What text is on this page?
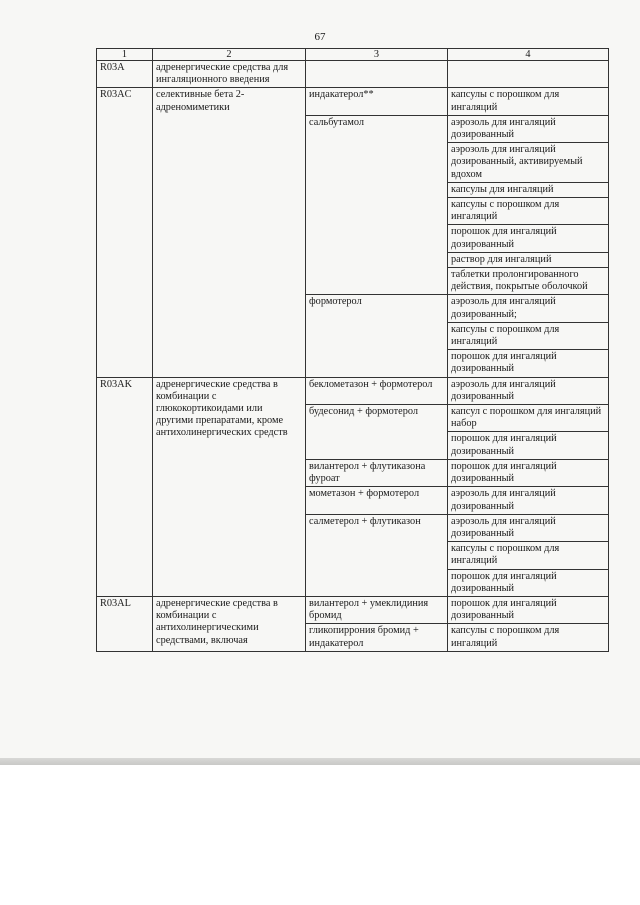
67
1	2	3	4
R03A	адренергические средства для ингаляционного введения		
R03AC	селективные бета 2-адреномиметики	индакатерол**	капсулы с порошком для ингаляций
		сальбутамол	аэрозоль для ингаляций дозированный
			аэрозоль для ингаляций дозированный, активируемый вдохом
			капсулы для ингаляций
			капсулы с порошком для ингаляций
			порошок для ингаляций дозированный
			раствор для ингаляций
			таблетки пролонгированного действия, покрытые оболочкой
		формотерол	аэрозоль для ингаляций дозированный;
			капсулы с порошком для ингаляций
			порошок для ингаляций дозированный
R03AK	адренергические средства в комбинации с глюкокортикоидами или другими препаратами, кроме антихолинергических средств	беклометазон + формотерол	аэрозоль для ингаляций дозированный
		будесонид + формотерол	капсул с порошком для ингаляций набор
			порошок для ингаляций дозированный
		вилантерол + флутиказона фуроат	порошок для ингаляций дозированный
		мометазон + формотерол	аэрозоль для ингаляций дозированный
		салметерол + флутиказон	аэрозоль для ингаляций дозированный
			капсулы с порошком для ингаляций
			порошок для ингаляций дозированный
R03AL	адренергические средства в комбинации с антихолинергическими средствами, включая	вилантерол + умеклидиния бромид	порошок для ингаляций дозированный
		гликопиррония бромид + индакатерол	капсулы с порошком для ингаляций
